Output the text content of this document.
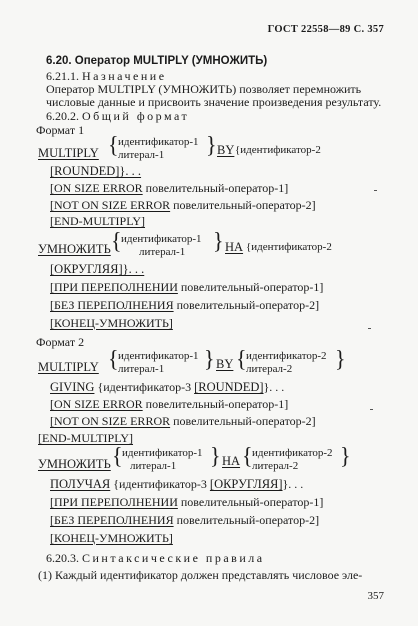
ГОСТ 22558—89 С. 357
6.20. Оператор MULTIPLY (УМНОЖИТЬ)
6.21.1. Назначение
Оператор MULTIPLY (УМНОЖИТЬ) позволяет перемножить
числовые данные и присвоить значение произведения результату.
6.20.2. Общий формат
Формат 1
MULTIPLY { идентификатор-1
литерал-1	} BY {идентификатор-2
[ROUNDED]}. . .
[ON SIZE ERROR повелительный-оператор-1]
[NOT ON SIZE ERROR повелительный-оператор-2]
[END-MULTIPLY]
УМНОЖИТЬ { идентификатор-1
литерал-1	} НА {идентификатор-2
[ОКРУГЛЯЯ]}. . .
[ПРИ ПЕРЕПОЛНЕНИИ повелительный-оператор-1]
[БЕЗ ПЕРЕПОЛНЕНИЯ повелительный-оператор-2]
[КОНЕЦ-УМНОЖИТЬ]
Формат 2
MULTIPLY { идентификатор-1
литерал-1	} BY { идентификатор-2
литерал-2	}
GIVING {идентификатор-3 [ROUNDED]}. . .
[ON SIZE ERROR повелительный-оператор-1]
[NOT ON SIZE ERROR повелительный-оператор-2]
[END-MULTIPLY]
УМНОЖИТЬ { идентификатор-1
литерал-1	} НА { идентификатор-2
литерал-2	}
ПОЛУЧАЯ {идентификатор-3 [ОКРУГЛЯЯ]}. . .
[ПРИ ПЕРЕПОЛНЕНИИ повелительный-оператор-1]
[БЕЗ ПЕРЕПОЛНЕНИЯ повелительный-оператор-2]
[КОНЕЦ-УМНОЖИТЬ]
6.20.3. Синтаксические правила
(1) Каждый идентификатор должен представлять числовое эле-
357
